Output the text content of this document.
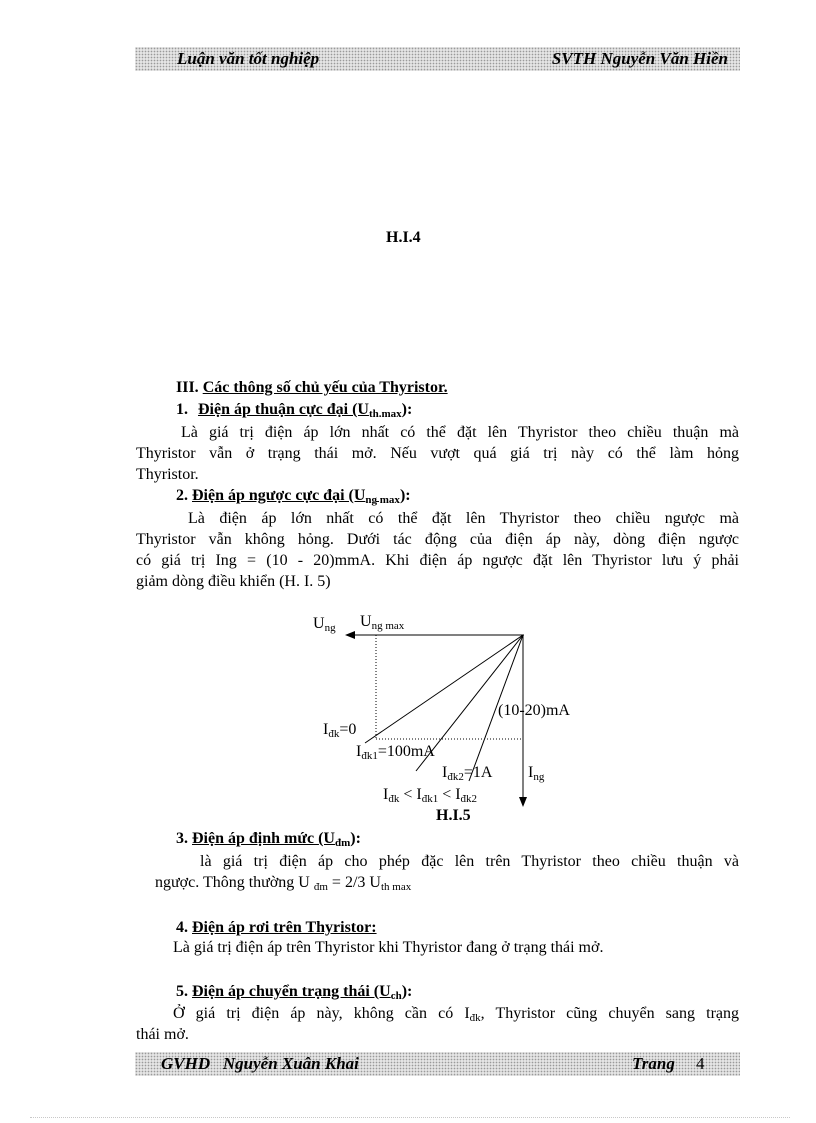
Luận văn tốt nghiệp	SVTH Nguyễn Văn Hiền
H.I.4
III. Các thông số chủ yếu của Thyristor.
1. Điện áp thuận cực đại $(U_{th.max})$:
Là giá trị điện áp lớn nhất có thể đặt lên Thyristor theo chiều thuận mà
Thyristor vẫn ở trạng thái mở. Nếu vượt quá giá trị này có thể làm hỏng
Thyristor.
2. Điện áp ngược cực đại $(U_{ng max})$:
Là điện áp lớn nhất có thể đặt lên Thyristor theo chiều ngược mà
Thyristor vẫn không hỏng. Dưới tác động của điện áp này, dòng điện ngược
có giá trị Ing = (10 - 20)mmA. Khi điện áp ngược đặt lên Thyristor lưu ý phải
giảm dòng điều khiển (H. I. 5)
$U_{ng}$ $U_{ng max}$
(10-20)mA
$I_{đk}=0$
$I_{đk1}=100mA$
$I_{đk2}=1A$ $I_{ng}$
$I_{đk} < I_{đk1} < I_{đk2}$
H.I.5
3. Điện áp định mức $(U_{đm})$:
là giá trị điện áp cho phép đặc lên trên Thyristor theo chiều thuận và
ngược. Thông thường U $_{đm}$ = 2/3 $U_{th max}$
4. Điện áp rơi trên Thyristor:
Là giá trị điện áp trên Thyristor khi Thyristor đang ở trạng thái mở.
5. Điện áp chuyển trạng thái $(U_{ch})$:
Ở giá trị điện áp này, không cần có $I_{đk}$, Thyristor cũng chuyển sang trạng
thái mở.
GVHD   Nguyễn Xuân Khai	Trang 4
